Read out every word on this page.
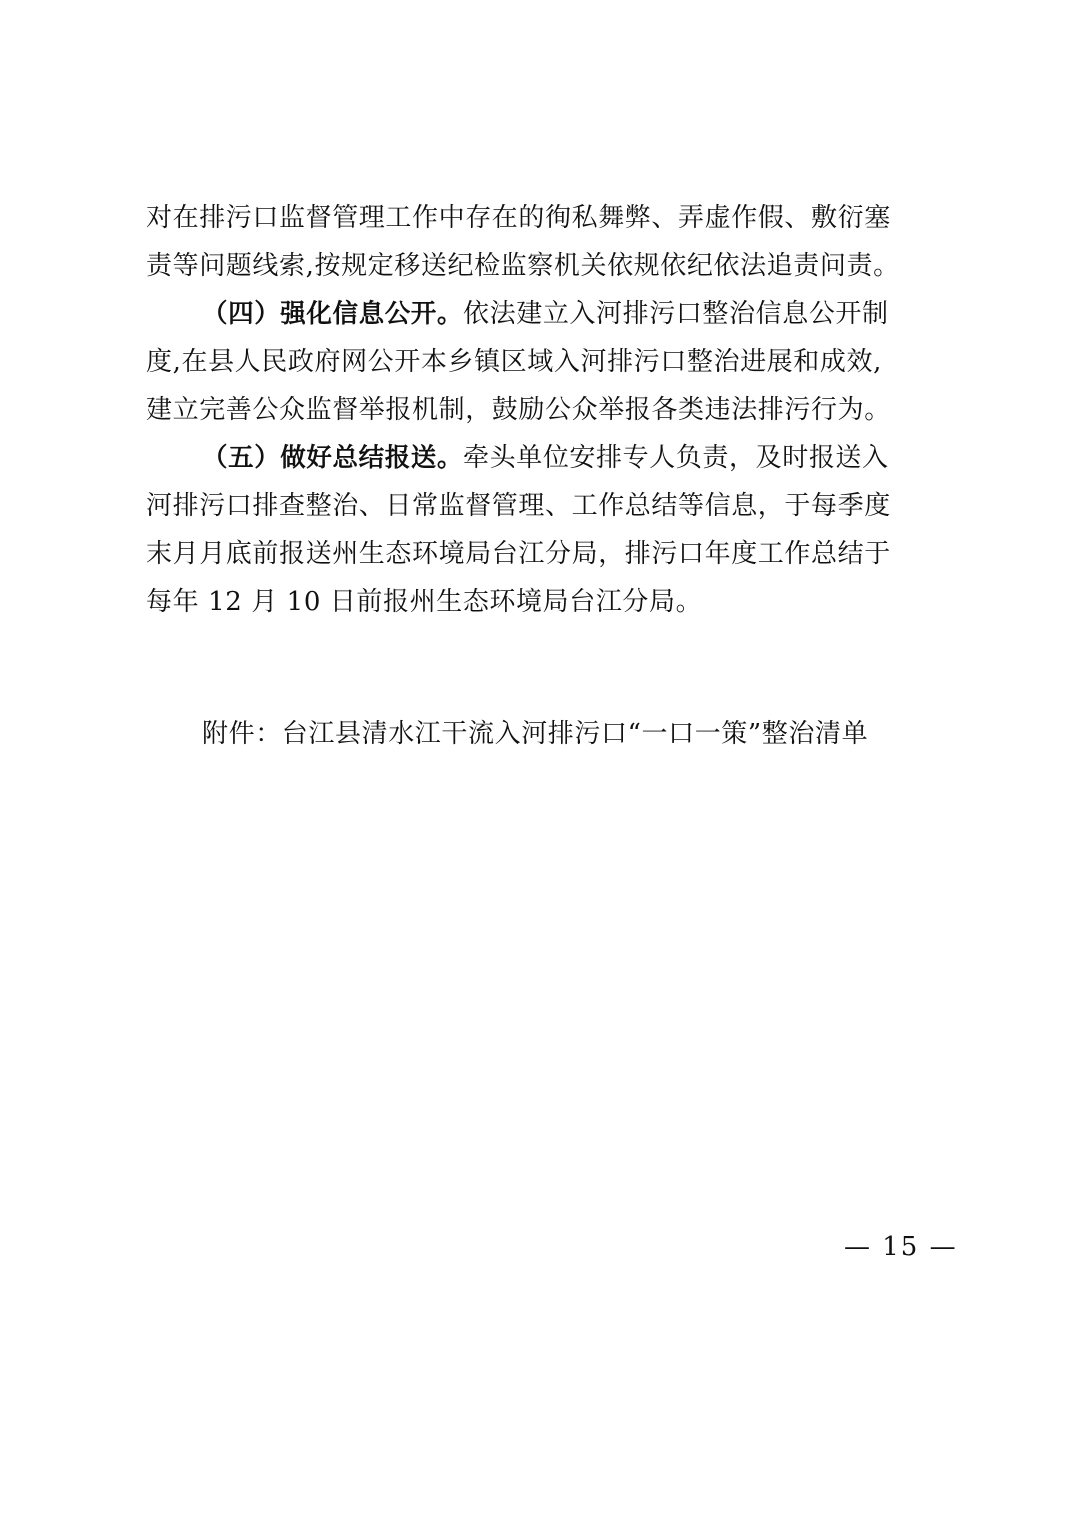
对在排污口监督管理工作中存在的徇私舞弊、弄虚作假、敷衍塞
责等问题线索,按规定移送纪检监察机关依规依纪依法追责问责。
（四）强化信息公开。依法建立入河排污口整治信息公开制
度,在县人民政府网公开本乡镇区域入河排污口整治进展和成效,
建立完善公众监督举报机制，鼓励公众举报各类违法排污行为。
（五）做好总结报送。牵头单位安排专人负责，及时报送入
河排污口排查整治、日常监督管理、工作总结等信息，于每季度
末月月底前报送州生态环境局台江分局，排污口年度工作总结于
每年 12 月 10 日前报州生态环境局台江分局。
附件：台江县清水江干流入河排污口“一口一策”整治清单
— 15 —
